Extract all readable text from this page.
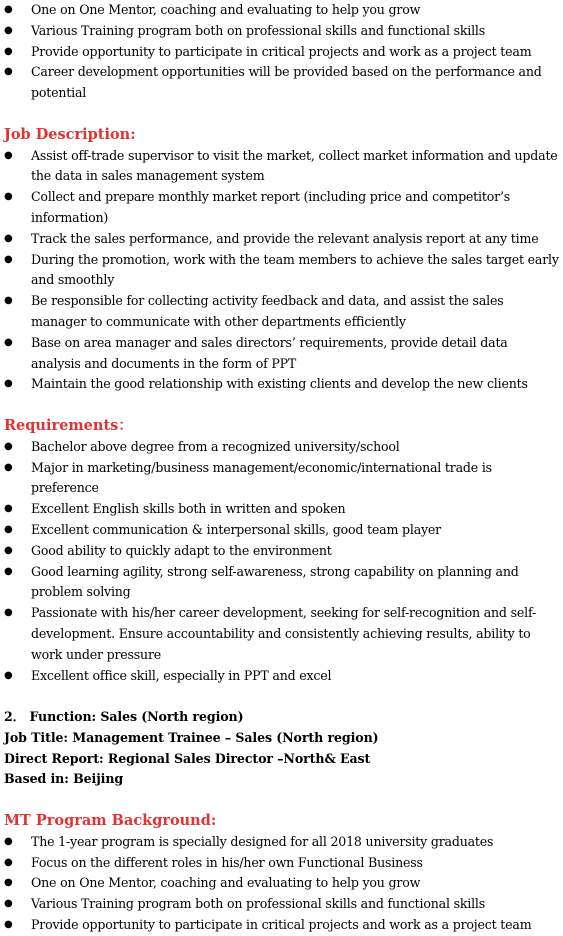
● One on One Mentor, coaching and evaluating to help you grow
● Various Training program both on professional skills and functional skills
● Provide opportunity to participate in critical projects and work as a project team
● Career development opportunities will be provided based on the performance and potential
Job Description:
● Assist off-trade supervisor to visit the market, collect market information and update the data in sales management system
● Collect and prepare monthly market report (including price and competitor’s information)
● Track the sales performance, and provide the relevant analysis report at any time
● During the promotion, work with the team members to achieve the sales target early and smoothly
● Be responsible for collecting activity feedback and data, and assist the sales manager to communicate with other departments efficiently
● Base on area manager and sales directors’ requirements, provide detail data analysis and documents in the form of PPT
● Maintain the good relationship with existing clients and develop the new clients
Requirements：
● Bachelor above degree from a recognized university/school
● Major in marketing/business management/economic/international trade is preference
● Excellent English skills both in written and spoken
● Excellent communication & interpersonal skills, good team player
● Good ability to quickly adapt to the environment
● Good learning agility, strong self-awareness, strong capability on planning and problem solving
● Passionate with his/her career development, seeking for self-recognition and self-development. Ensure accountability and consistently achieving results, ability to work under pressure
● Excellent office skill, especially in PPT and excel
2． Function: Sales (North region)
Job Title: Management Trainee – Sales (North region)
Direct Report: Regional Sales Director –North& East
Based in: Beijing
MT Program Background:
● The 1-year program is specially designed for all 2018 university graduates
● Focus on the different roles in his/her own Functional Business
● One on One Mentor, coaching and evaluating to help you grow
● Various Training program both on professional skills and functional skills
● Provide opportunity to participate in critical projects and work as a project team
